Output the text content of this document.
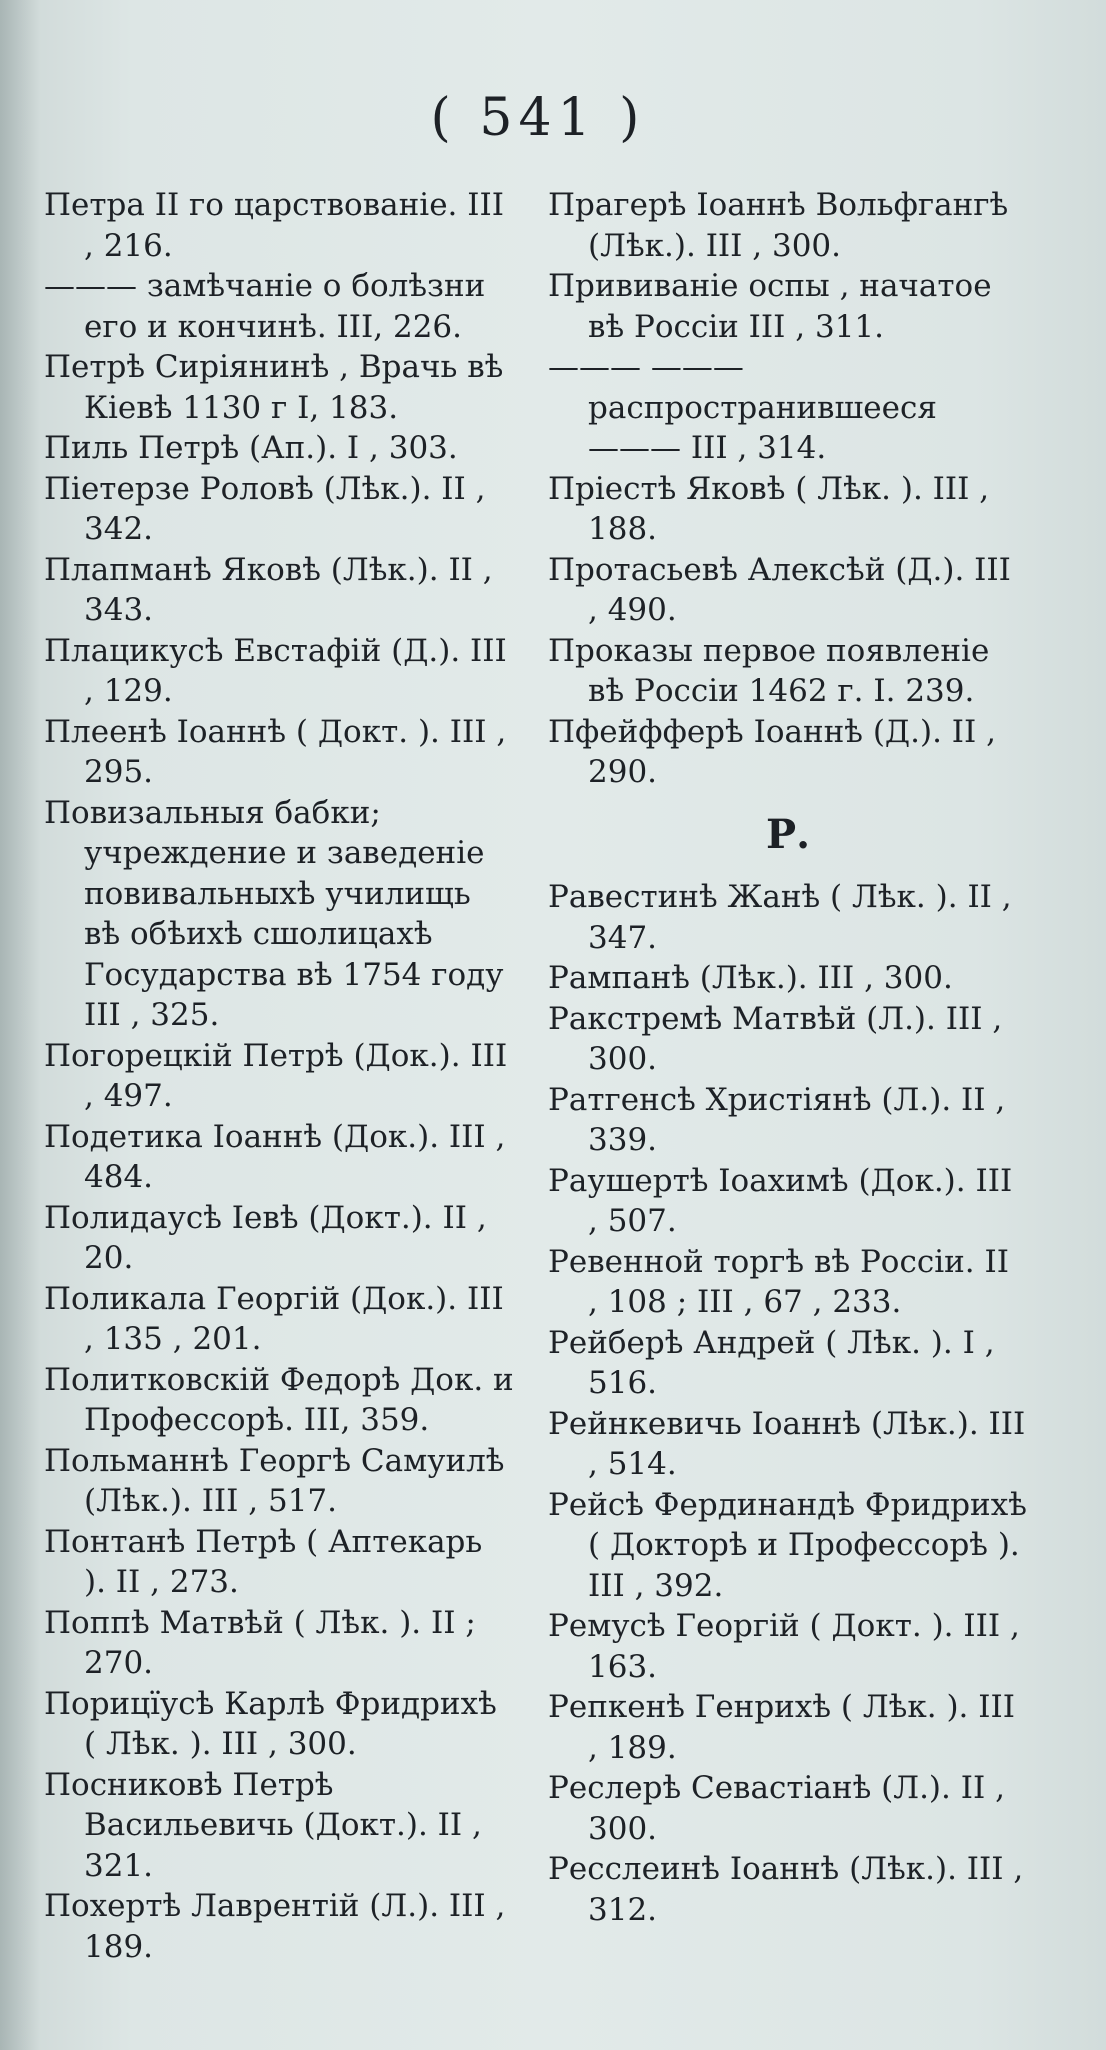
( 541 )
Петра II го царствованіе. III , 216.
——— замѣчаніе о болѣзни его и кончинѣ. III, 226.
Петрѣ Сиріянинѣ , Врачь вѣ Кіевѣ 1130 г I, 183.
Пиль Петрѣ (Ап.). I , 303.
Піетерзе Роловѣ (Лѣк.). II , 342.
Плапманѣ Яковѣ (Лѣк.). II , 343.
Плацикусѣ Евстафій (Д.). III , 129.
Плеенѣ Іоаннѣ ( Докт. ). III , 295.
Повизальныя бабки; учреждение и заведеніе повивальныхѣ училищь вѣ обѣихѣ сшолицахѣ Государства вѣ 1754 году III , 325.
Погорецкій Петрѣ (Док.). III , 497.
Подетика Іоаннѣ (Док.). III , 484.
Полидаусѣ Іевѣ (Докт.). II , 20.
Поликала Георгій (Док.). III , 135 , 201.
Политковскій Федорѣ Док. и Профессорѣ. III, 359.
Польманнѣ Георгѣ Самуилѣ (Лѣк.). III , 517.
Понтанѣ Петрѣ ( Аптекарь ). II , 273.
Поппѣ Матвѣй ( Лѣк. ). II ; 270.
Порицїусѣ Карлѣ Фридрихѣ ( Лѣк. ). III , 300.
Посниковѣ Петрѣ Васильевичь (Докт.). II , 321.
Похертѣ Лаврентій (Л.). III , 189.
Прагерѣ Іоаннѣ Вольфгангѣ (Лѣк.). III , 300.
Прививаніе оспы , начатое вѣ Россіи III , 311.
——— ——— распространившееся ——— III , 314.
Пріестѣ Яковѣ ( Лѣк. ). III , 188.
Протасьевѣ Алексѣй (Д.). III , 490.
Проказы первое появленіе вѣ Россіи 1462 г. I. 239.
Пфейфферѣ Іоаннѣ (Д.). II , 290.
Р.
Равестинѣ Жанѣ ( Лѣк. ). II , 347.
Рампанѣ (Лѣк.). III , 300.
Ракстремѣ Матвѣй (Л.). III , 300.
Ратгенсѣ Христіянѣ (Л.). II , 339.
Раушертѣ Іоахимѣ (Док.). III , 507.
Ревенной торгѣ вѣ Россіи. II , 108 ; III , 67 , 233.
Рейберѣ Андрей ( Лѣк. ). I , 516.
Рейнкевичь Іоаннѣ (Лѣк.). III , 514.
Рейсѣ Фердинандѣ Фридрихѣ ( Докторѣ и Профессорѣ ). III , 392.
Ремусѣ Георгій ( Докт. ). III , 163.
Репкенѣ Генрихѣ ( Лѣк. ). III , 189.
Реслерѣ Севастіанѣ (Л.). II , 300.
Ресслеинѣ Іоаннѣ (Лѣк.). III , 312.
